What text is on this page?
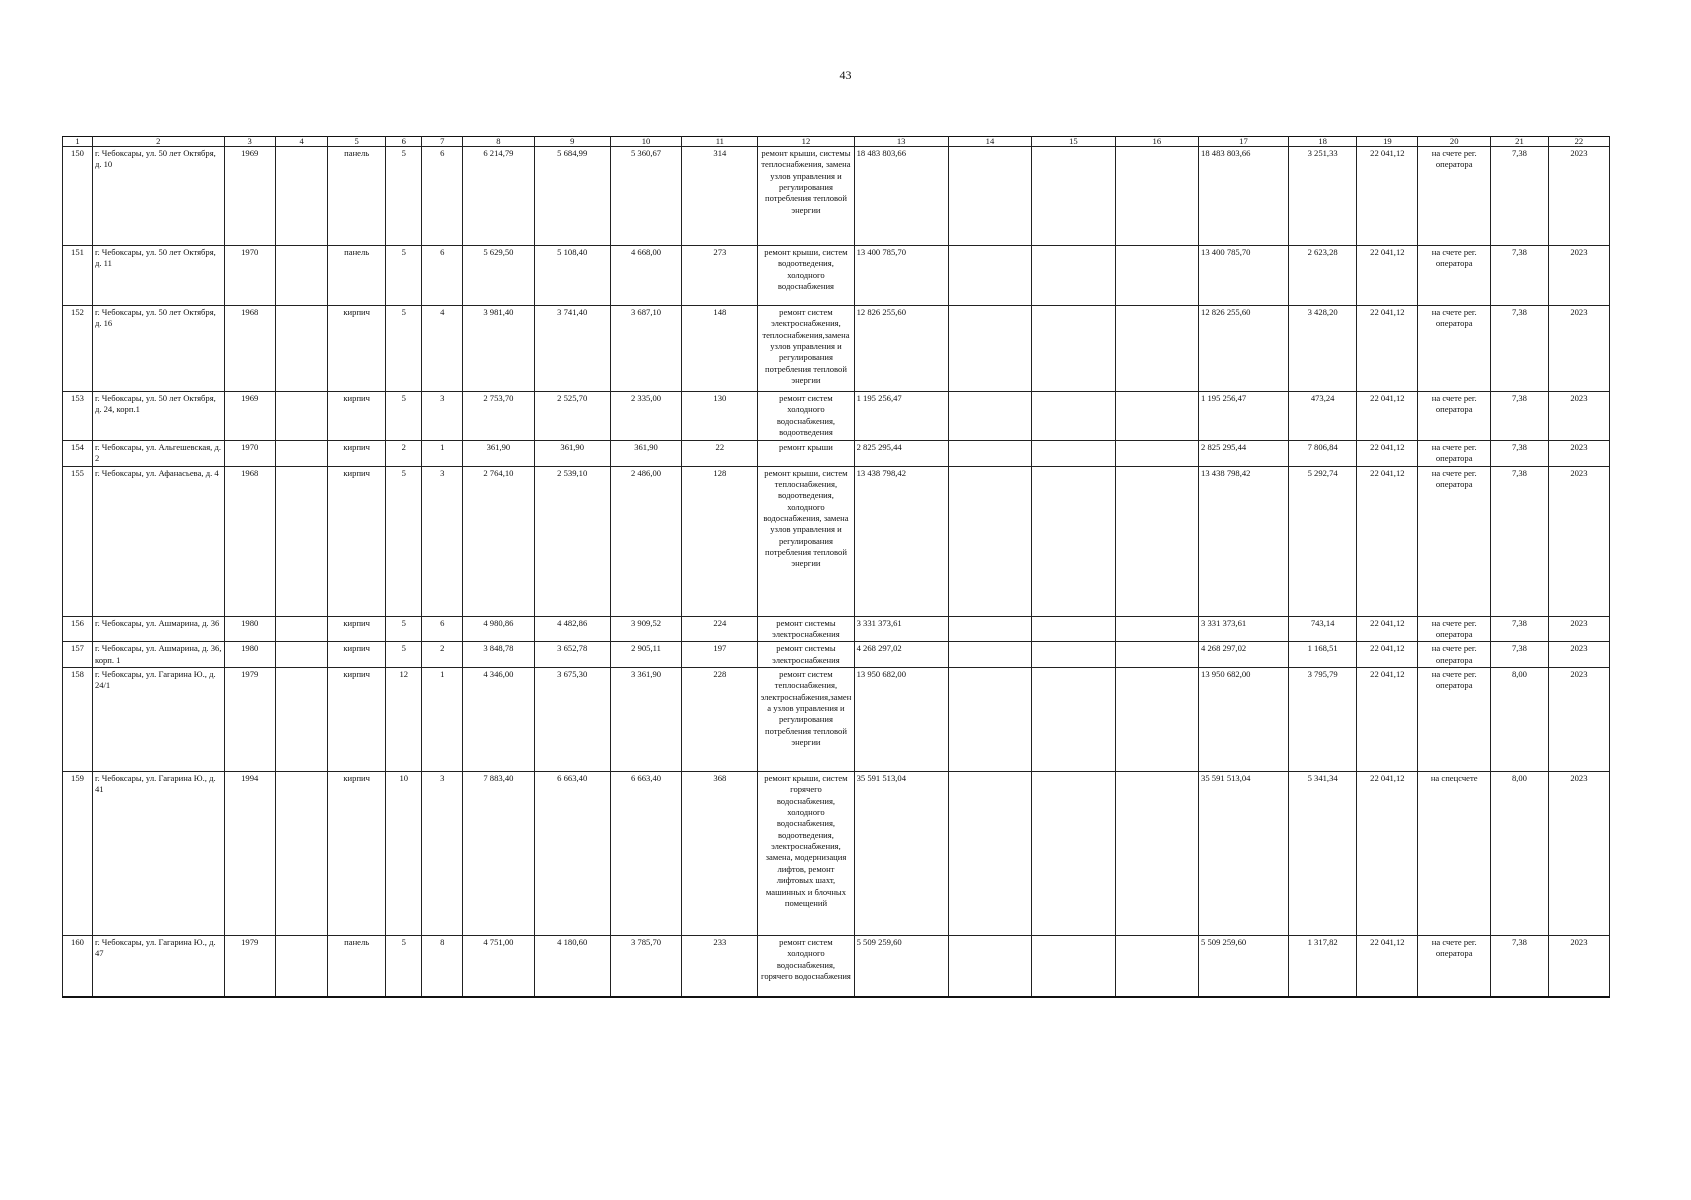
43
1	2	3	4	5	6	7	8	9	10	11	12	13	14	15	16	17	18	19	20	21	22
150	г. Чебоксары, ул. 50 лет Октября, д. 10	1969		панель	5	6	6 214,79	5 684,99	5 360,67	314	ремонт крыши, системы теплоснабжения, замена узлов управления и регулирования потребления тепловой энергии	18 483 803,66				18 483 803,66	3 251,33	22 041,12	на счете рег. оператора	7,38	2023
151	г. Чебоксары, ул. 50 лет Октября, д. 11	1970		панель	5	6	5 629,50	5 108,40	4 668,00	273	ремонт крыши, систем водоотведения, холодного водоснабжения	13 400 785,70				13 400 785,70	2 623,28	22 041,12	на счете рег. оператора	7,38	2023
152	г. Чебоксары, ул. 50 лет Октября, д. 16	1968		кирпич	5	4	3 981,40	3 741,40	3 687,10	148	ремонт систем электроснабжения, теплоснабжения,замена узлов управления и регулирования потребления тепловой энергии	12 826 255,60				12 826 255,60	3 428,20	22 041,12	на счете рег. оператора	7,38	2023
153	г. Чебоксары, ул. 50 лет Октября, д. 24, корп.1	1969		кирпич	5	3	2 753,70	2 525,70	2 335,00	130	ремонт систем холодного водоснабжения, водоотведения	1 195 256,47				1 195 256,47	473,24	22 041,12	на счете рег. оператора	7,38	2023
154	г. Чебоксары, ул. Альгешевская, д. 2	1970		кирпич	2	1	361,90	361,90	361,90	22	ремонт крыши	2 825 295,44				2 825 295,44	7 806,84	22 041,12	на счете рег. оператора	7,38	2023
155	г. Чебоксары, ул. Афанасьева, д. 4	1968		кирпич	5	3	2 764,10	2 539,10	2 486,00	128	ремонт крыши, систем теплоснабжения, водоотведения, холодного водоснабжения, замена узлов управления и регулирования потребления тепловой энергии	13 438 798,42				13 438 798,42	5 292,74	22 041,12	на счете рег. оператора	7,38	2023
156	г. Чебоксары, ул. Ашмарина, д. 36	1980		кирпич	5	6	4 980,86	4 482,86	3 909,52	224	ремонт системы электроснабжения	3 331 373,61				3 331 373,61	743,14	22 041,12	на счете рег. оператора	7,38	2023
157	г. Чебоксары, ул. Ашмарина, д. 36, корп. 1	1980		кирпич	5	2	3 848,78	3 652,78	2 905,11	197	ремонт системы электроснабжения	4 268 297,02				4 268 297,02	1 168,51	22 041,12	на счете рег. оператора	7,38	2023
158	г. Чебоксары, ул. Гагарина Ю., д. 24/1	1979		кирпич	12	1	4 346,00	3 675,30	3 361,90	228	ремонт систем теплоснабжения, электроснабжения,замена узлов управления и регулирования потребления тепловой энергии	13 950 682,00				13 950 682,00	3 795,79	22 041,12	на счете рег. оператора	8,00	2023
159	г. Чебоксары, ул. Гагарина Ю., д. 41	1994		кирпич	10	3	7 883,40	6 663,40	6 663,40	368	ремонт крыши, систем горячего водоснабжения, холодного водоснабжения, водоотведения, электроснабжения, замена, модернизация лифтов, ремонт лифтовых шахт, машинных и блочных помещений	35 591 513,04				35 591 513,04	5 341,34	22 041,12	на спецсчете	8,00	2023
160	г. Чебоксары, ул. Гагарина Ю., д. 47	1979		панель	5	8	4 751,00	4 180,60	3 785,70	233	ремонт систем холодного водоснабжения, горячего водоснабжения	5 509 259,60				5 509 259,60	1 317,82	22 041,12	на счете рег. оператора	7,38	2023
